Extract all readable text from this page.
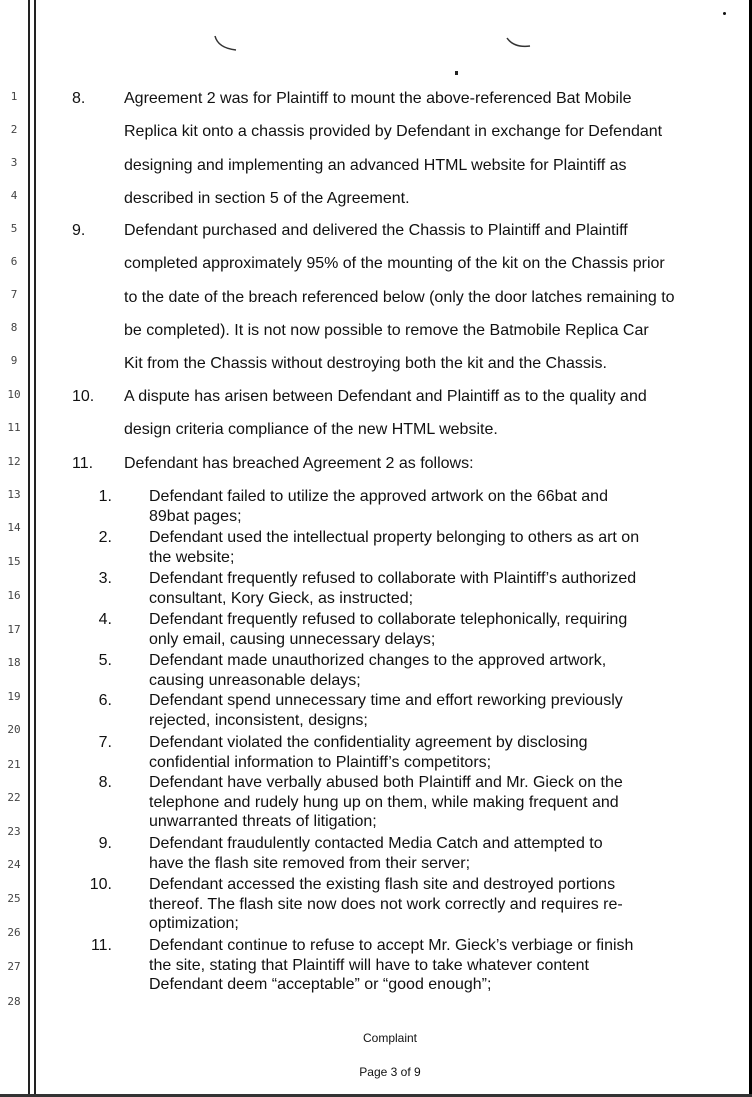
1
2
3
4
5
6
7
8
9
10
11
12
13
14
15
16
17
18
19
20
21
22
23
24
25
26
27
28
8. Agreement 2 was for Plaintiff to mount the above-referenced Bat Mobile
Replica kit onto a chassis provided by Defendant in exchange for Defendant
designing and implementing an advanced HTML website for Plaintiff as
described in section 5 of the Agreement.
9. Defendant purchased and delivered the Chassis to Plaintiff and Plaintiff
completed approximately 95% of the mounting of the kit on the Chassis prior
to the date of the breach referenced below (only the door latches remaining to
be completed). It is not now possible to remove the Batmobile Replica Car
Kit from the Chassis without destroying both the kit and the Chassis.
10. A dispute has arisen between Defendant and Plaintiff as to the quality and
design criteria compliance of the new HTML website.
11. Defendant has breached Agreement 2 as follows:
1. Defendant failed to utilize the approved artwork on the 66bat and
89bat pages;
2. Defendant used the intellectual property belonging to others as art on
the website;
3. Defendant frequently refused to collaborate with Plaintiff’s authorized
consultant, Kory Gieck, as instructed;
4. Defendant frequently refused to collaborate telephonically, requiring
only email, causing unnecessary delays;
5. Defendant made unauthorized changes to the approved artwork,
causing unreasonable delays;
6. Defendant spend unnecessary time and effort reworking previously
rejected, inconsistent, designs;
7. Defendant violated the confidentiality agreement by disclosing
confidential information to Plaintiff’s competitors;
8. Defendant have verbally abused both Plaintiff and Mr. Gieck on the
telephone and rudely hung up on them, while making frequent and
unwarranted threats of litigation;
9. Defendant fraudulently contacted Media Catch and attempted to
have the flash site removed from their server;
10. Defendant accessed the existing flash site and destroyed portions
thereof. The flash site now does not work correctly and requires re-
optimization;
11. Defendant continue to refuse to accept Mr. Gieck’s verbiage or finish
the site, stating that Plaintiff will have to take whatever content
Defendant deem “acceptable” or “good enough”;
Complaint
Page 3 of 9
